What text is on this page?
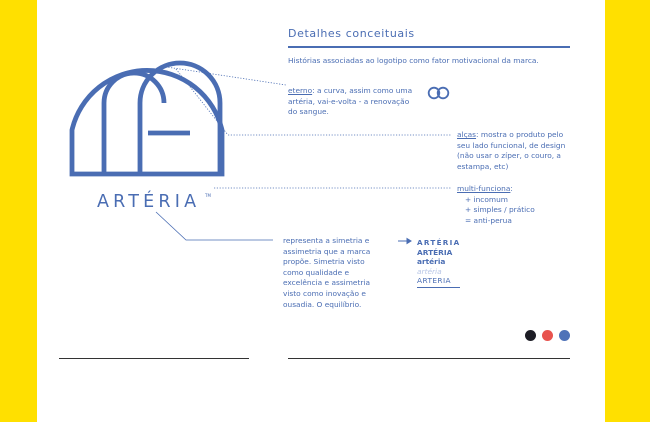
Detalhes conceituais
Histórias associadas ao logotipo como fator motivacional da marca.
ARTÉRIA TM
eterno: a curva, assim como uma artéria, vai-e-volta - a renovação do sangue.
alças: mostra o produto pelo seu lado funcional, de design (não usar o zíper, o couro, a estampa, etc)
multi-funciona:
+ incomum
+ simples / prático
= anti-perua
representa a simetria e assimetria que a marca propõe. Simetria visto como qualidade e excelência e assimetria visto como inovação e ousadia. O equilíbrio.
ARTÉRIA
ARTÉRIA
artéria
artéria
ARTERIA
